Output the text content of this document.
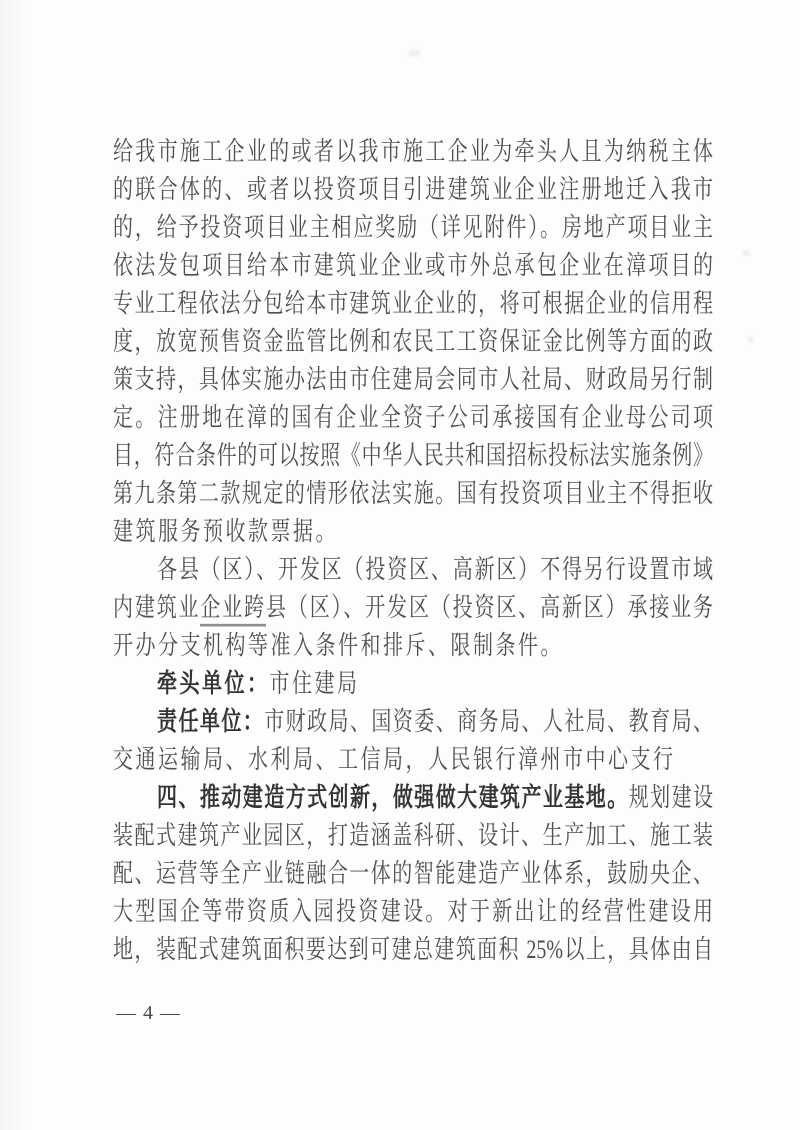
给我市施工企业的或者以我市施工企业为牵头人且为纳税主体
的联合体的、或者以投资项目引进建筑业企业注册地迁入我市
的，给予投资项目业主相应奖励（详见附件）。房地产项目业主
依法发包项目给本市建筑业企业或市外总承包企业在漳项目的
专业工程依法分包给本市建筑业企业的，将可根据企业的信用程
度，放宽预售资金监管比例和农民工工资保证金比例等方面的政
策支持，具体实施办法由市住建局会同市人社局、财政局另行制
定。注册地在漳的国有企业全资子公司承接国有企业母公司项
目，符合条件的可以按照《中华人民共和国招标投标法实施条例》
第九条第二款规定的情形依法实施。国有投资项目业主不得拒收
建筑服务预收款票据。
各县（区）、开发区（投资区、高新区）不得另行设置市域
内建筑业企业跨县（区）、开发区（投资区、高新区）承接业务
开办分支机构等准入条件和排斥、限制条件。
牵头单位：市住建局
责任单位：市财政局、国资委、商务局、人社局、教育局、
交通运输局、水利局、工信局，人民银行漳州市中心支行
四、推动建造方式创新，做强做大建筑产业基地。规划建设
装配式建筑产业园区，打造涵盖科研、设计、生产加工、施工装
配、运营等全产业链融合一体的智能建造产业体系，鼓励央企、
大型国企等带资质入园投资建设。对于新出让的经营性建设用
地，装配式建筑面积要达到可建总建筑面积 25%以上，具体由自
— 4 —
